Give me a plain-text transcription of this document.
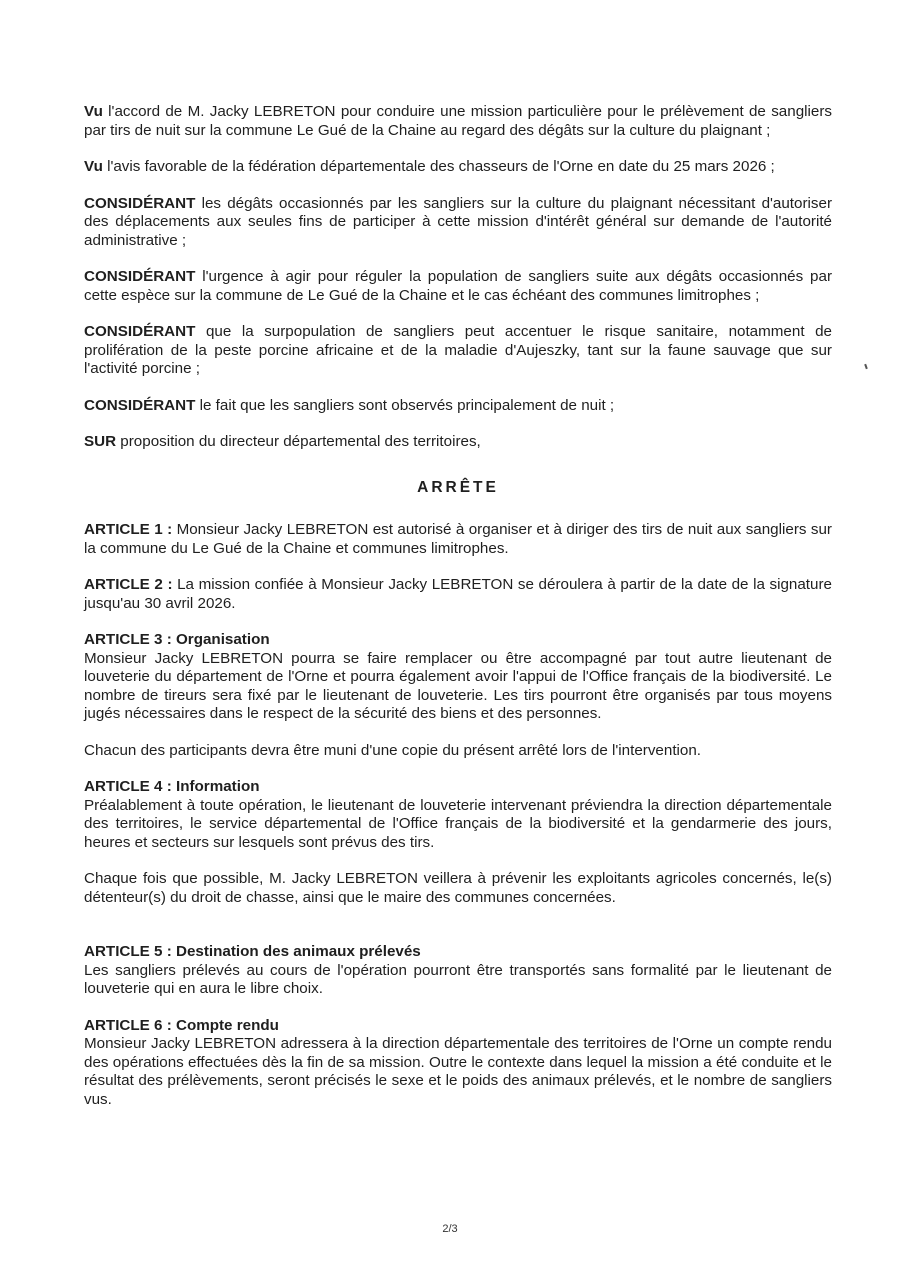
Vu l'accord de M. Jacky LEBRETON pour conduire une mission particulière pour le prélèvement de sangliers par tirs de nuit sur la commune Le Gué de la Chaine au regard des dégâts sur la culture du plaignant ;

Vu l'avis favorable de la fédération départementale des chasseurs de l'Orne en date du 25 mars 2026 ;

CONSIDÉRANT les dégâts occasionnés par les sangliers sur la culture du plaignant nécessitant d'autoriser des déplacements aux seules fins de participer à cette mission d'intérêt général sur demande de l'autorité administrative ;

CONSIDÉRANT l'urgence à agir pour réguler la population de sangliers suite aux dégâts occasionnés par cette espèce sur la commune de Le Gué de la Chaine et le cas échéant des communes limitrophes ;

CONSIDÉRANT que la surpopulation de sangliers peut accentuer le risque sanitaire, notamment de prolifération de la peste porcine africaine et de la maladie d'Aujeszky, tant sur la faune sauvage que sur l'activité porcine ;

CONSIDÉRANT le fait que les sangliers sont observés principalement de nuit ;

SUR proposition du directeur départemental des territoires,

ARRÊTE

ARTICLE 1 : Monsieur Jacky LEBRETON est autorisé à organiser et à diriger des tirs de nuit aux sangliers sur la commune du Le Gué de la Chaine et communes limitrophes.

ARTICLE 2 : La mission confiée à Monsieur Jacky LEBRETON se déroulera à partir de la date de la signature jusqu'au 30 avril 2026.

ARTICLE 3 : Organisation

Monsieur Jacky LEBRETON pourra se faire remplacer ou être accompagné par tout autre lieutenant de louveterie du département de l'Orne et pourra également avoir l'appui de l'Office français de la biodiversité. Le nombre de tireurs sera fixé par le lieutenant de louveterie. Les tirs pourront être organisés par tous moyens jugés nécessaires dans le respect de la sécurité des biens et des personnes.

Chacun des participants devra être muni d'une copie du présent arrêté lors de l'intervention.

ARTICLE 4 : Information

Préalablement à toute opération, le lieutenant de louveterie intervenant préviendra la direction départementale des territoires, le service départemental de l'Office français de la biodiversité et la gendarmerie des jours, heures et secteurs sur lesquels sont prévus des tirs.

Chaque fois que possible, M. Jacky LEBRETON veillera à prévenir les exploitants agricoles concernés, le(s) détenteur(s) du droit de chasse, ainsi que le maire des communes concernées.

ARTICLE 5 : Destination des animaux prélevés

Les sangliers prélevés au cours de l'opération pourront être transportés sans formalité par le lieutenant de louveterie qui en aura le libre choix.

ARTICLE 6 : Compte rendu

Monsieur Jacky LEBRETON adressera à la direction départementale des territoires de l'Orne un compte rendu des opérations effectuées dès la fin de sa mission. Outre le contexte dans lequel la mission a été conduite et le résultat des prélèvements, seront précisés le sexe et le poids des animaux prélevés, et le nombre de sangliers vus.

2/3
